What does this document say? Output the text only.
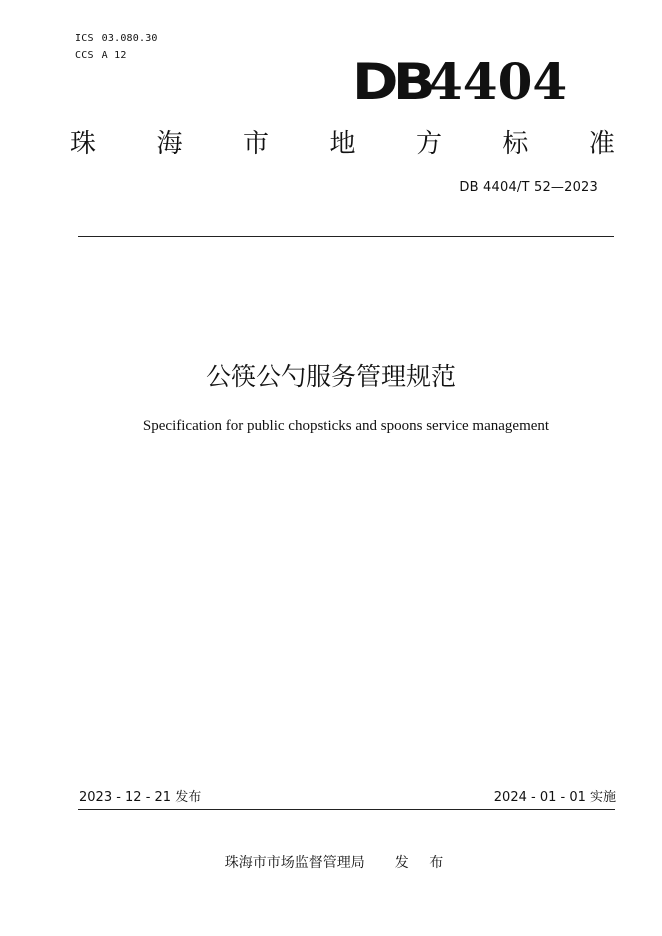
ICS 03.080.30
CCS A 12	DB
4404
珠 海 市 地 方 标 准
DB 4404/T 52—2023
公筷公勺服务管理规范
Specification for public chopsticks and spoons service management
2023 - 12 - 21 发布	2024 - 01 - 01 实施
珠海市市场监督管理局 发 布
